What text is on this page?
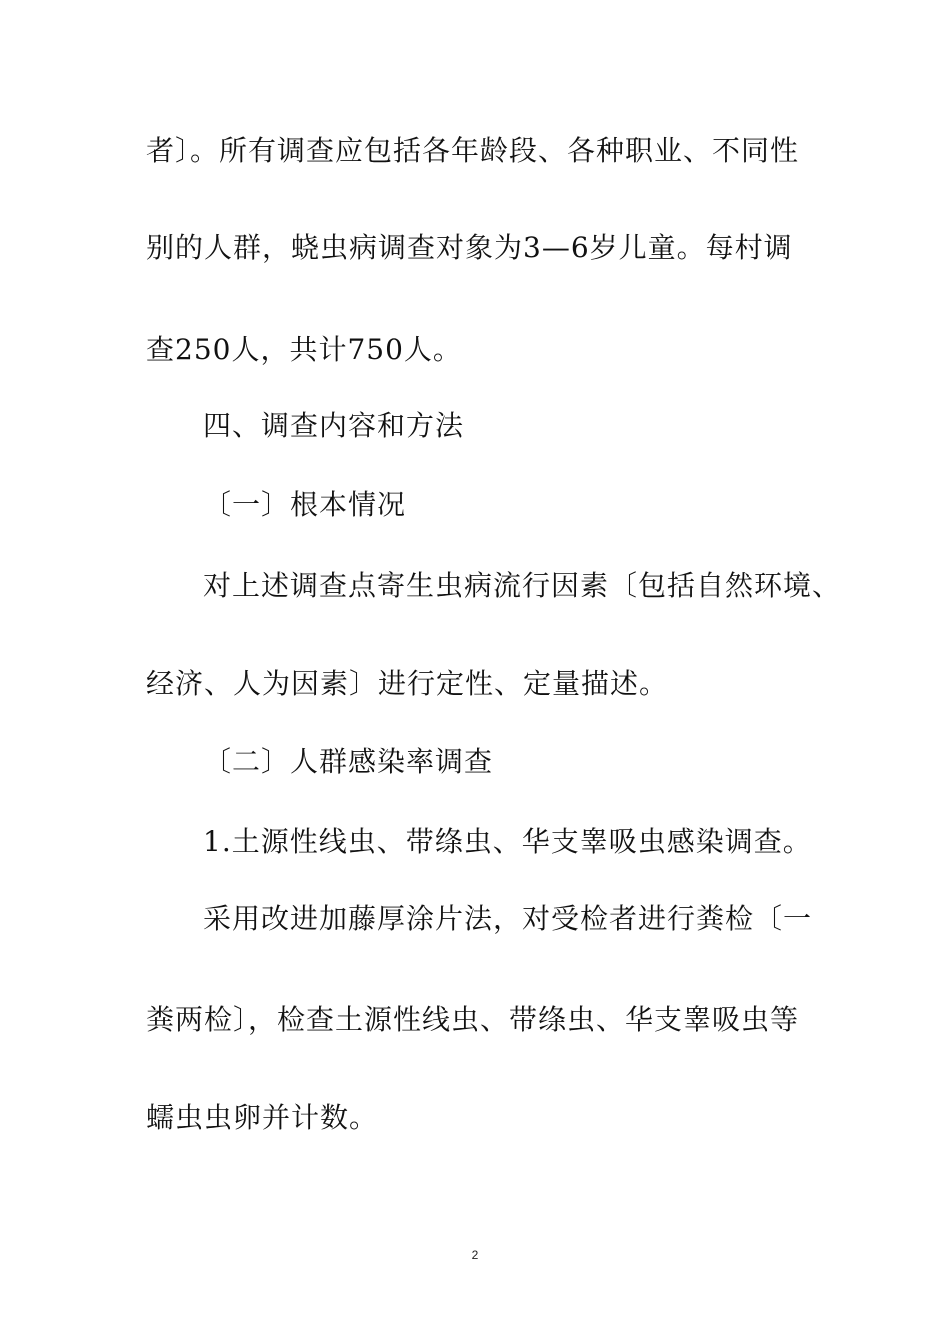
者〕。所有调查应包括各年龄段、各种职业、不同性
别的人群，蛲虫病调查对象为3—6岁儿童。每村调
查250人，共计750人。
四、调查内容和方法
〔一〕根本情况
对上述调查点寄生虫病流行因素〔包括自然环境、
经济、人为因素〕进行定性、定量描述。
〔二〕人群感染率调查
1.土源性线虫、带绦虫、华支睾吸虫感染调查。
采用改进加藤厚涂片法，对受检者进行粪检〔一
粪两检〕，检查土源性线虫、带绦虫、华支睾吸虫等
蠕虫虫卵并计数。
2
